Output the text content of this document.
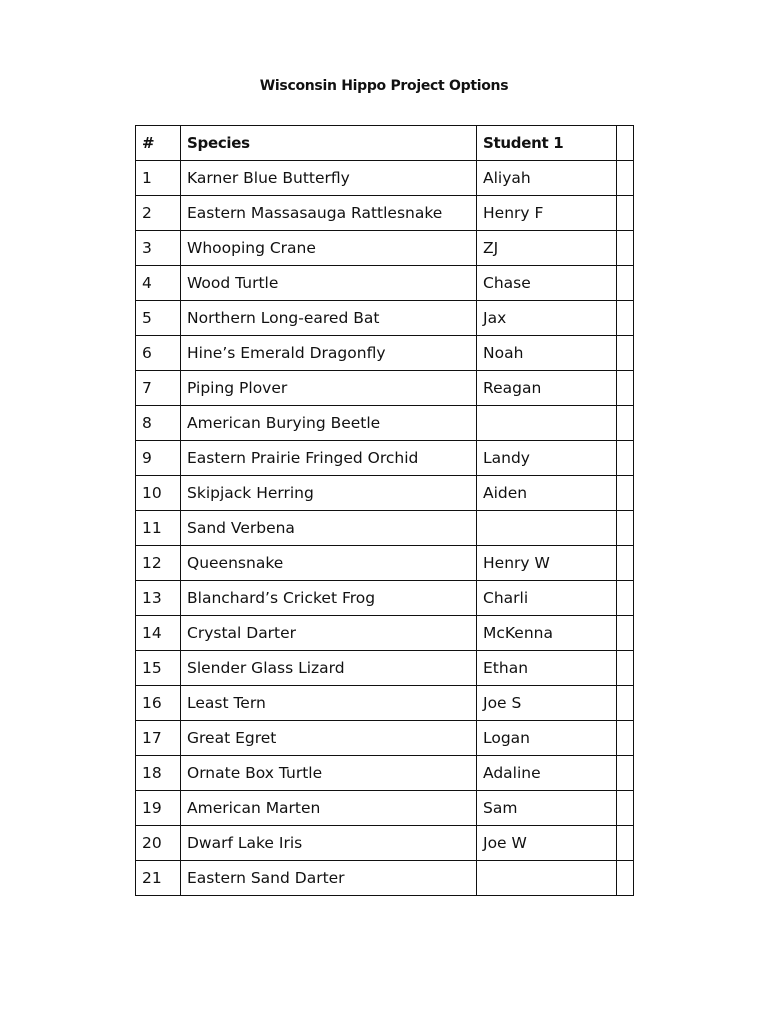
Wisconsin Hippo Project Options
#	Species	Student 1	
1	Karner Blue Butterfly	Aliyah	
2	Eastern Massasauga Rattlesnake	Henry F	
3	Whooping Crane	ZJ	
4	Wood Turtle	Chase	
5	Northern Long-eared Bat	Jax	
6	Hine’s Emerald Dragonfly	Noah	
7	Piping Plover	Reagan	
8	American Burying Beetle		
9	Eastern Prairie Fringed Orchid	Landy	
10	Skipjack Herring	Aiden	
11	Sand Verbena		
12	Queensnake	Henry W	
13	Blanchard’s Cricket Frog	Charli	
14	Crystal Darter	McKenna	
15	Slender Glass Lizard	Ethan	
16	Least Tern	Joe S	
17	Great Egret	Logan	
18	Ornate Box Turtle	Adaline	
19	American Marten	Sam	
20	Dwarf Lake Iris	Joe W	
21	Eastern Sand Darter		
